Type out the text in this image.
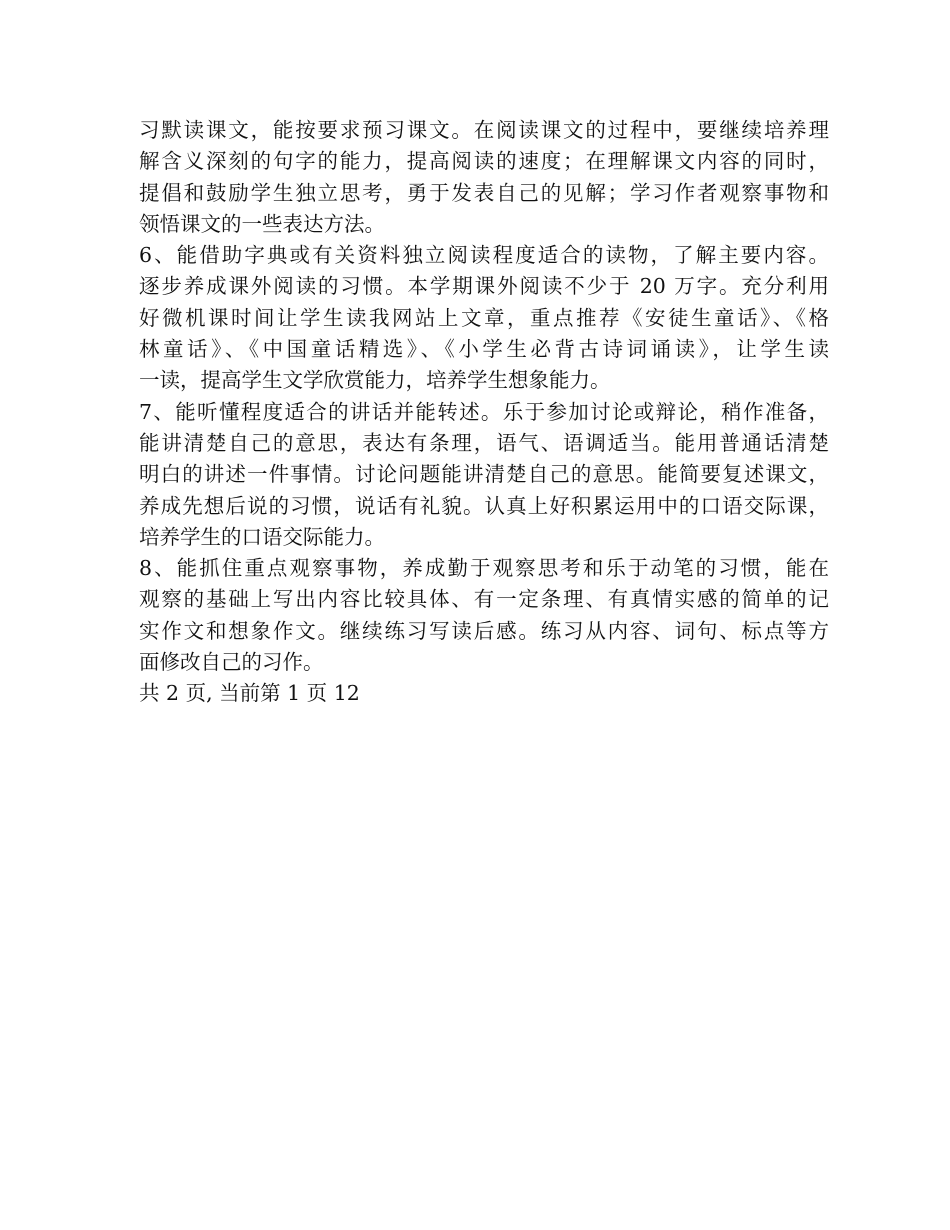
习默读课文，能按要求预习课文。在阅读课文的过程中，要继续培养理
解含义深刻的句字的能力，提高阅读的速度；在理解课文内容的同时，
提倡和鼓励学生独立思考，勇于发表自己的见解；学习作者观察事物和
领悟课文的一些表达方法。
6、能借助字典或有关资料独立阅读程度适合的读物，了解主要内容。
逐步养成课外阅读的习惯。本学期课外阅读不少于 20 万字。充分利用
好微机课时间让学生读我网站上文章，重点推荐《安徒生童话》、《格
林童话》、《中国童话精选》、《小学生必背古诗词诵读》，让学生读
一读，提高学生文学欣赏能力，培养学生想象能力。
7、能听懂程度适合的讲话并能转述。乐于参加讨论或辩论，稍作准备，
能讲清楚自己的意思，表达有条理，语气、语调适当。能用普通话清楚
明白的讲述一件事情。讨论问题能讲清楚自己的意思。能简要复述课文，
养成先想后说的习惯，说话有礼貌。认真上好积累运用中的口语交际课，
培养学生的口语交际能力。
8、能抓住重点观察事物，养成勤于观察思考和乐于动笔的习惯，能在
观察的基础上写出内容比较具体、有一定条理、有真情实感的简单的记
实作文和想象作文。继续练习写读后感。练习从内容、词句、标点等方
面修改自己的习作。
共 2 页, 当前第 1 页 12
